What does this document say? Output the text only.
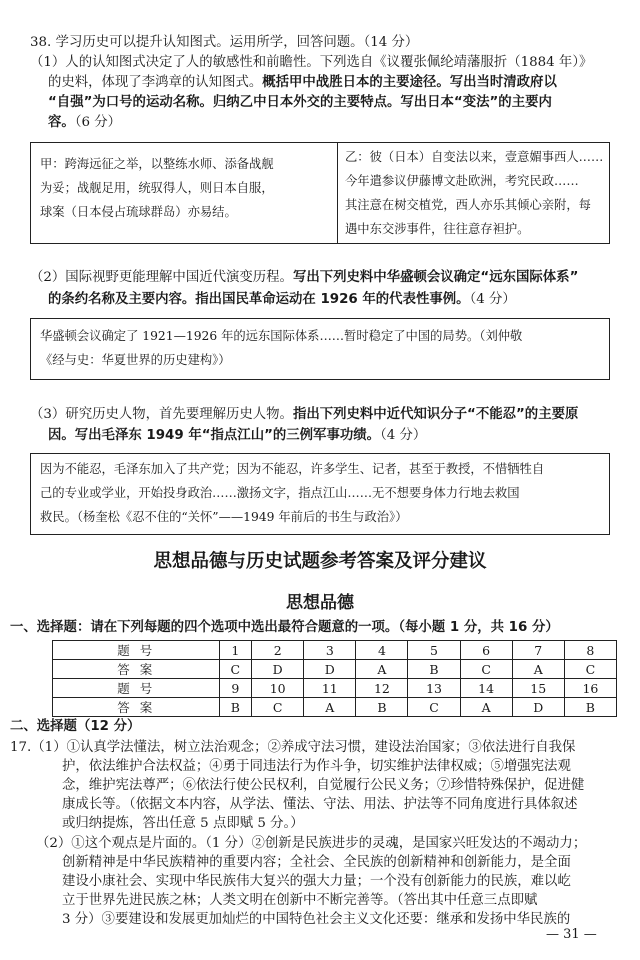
38. 学习历史可以提升认知图式。运用所学，回答问题。（14 分）
（1）人的认知图式决定了人的敏感性和前瞻性。下列选自《议覆张佩纶靖藩服折（1884 年）》
的史料，体现了李鸿章的认知图式。概括甲中战胜日本的主要途径。写出当时清政府以
“自强”为口号的运动名称。归纳乙中日本外交的主要特点。写出日本“变法”的主要内
容。（6 分）
甲：跨海远征之举，以整练水师、添备战舰
为妥；战舰足用，统驭得人，则日本自服，
球案（日本侵占琉球群岛）亦易结。
乙：彼（日本）自变法以来，壹意媚事西人……
今年遣参议伊藤博文赴欧洲，考究民政……
其注意在树交植党，西人亦乐其倾心亲附，每
遇中东交涉事件，往往意存袒护。
（2）国际视野更能理解中国近代演变历程。写出下列史料中华盛顿会议确定“远东国际体系”
的条约名称及主要内容。指出国民革命运动在 1926 年的代表性事例。（4 分）
华盛顿会议确定了 1921—1926 年的远东国际体系……暂时稳定了中国的局势。（刘仲敬
《经与史：华夏世界的历史建构》）
（3）研究历史人物，首先要理解历史人物。指出下列史料中近代知识分子“不能忍”的主要原
因。写出毛泽东 1949 年“指点江山”的三例军事功绩。（4 分）
因为不能忍，毛泽东加入了共产党；因为不能忍，许多学生、记者，甚至于教授，不惜牺牲自
己的专业或学业，开始投身政治……激扬文字，指点江山……无不想要身体力行地去救国
救民。（杨奎松《忍不住的“关怀”——1949 年前后的书生与政治》）
思想品德与历史试题参考答案及评分建议
思想品德
一、选择题：请在下列每题的四个选项中选出最符合题意的一项。（每小题 1 分，共 16 分）
题号	1	2	3	4	5	6	7	8
答案	C	D	D	A	B	C	A	C
题号	9	10	11	12	13	14	15	16
答案	B	C	A	B	C	A	D	B
二、选择题（12 分）
17.（1）①认真学法懂法，树立法治观念；②养成守法习惯，建设法治国家；③依法进行自我保
护，依法维护合法权益；④勇于同违法行为作斗争，切实维护法律权威；⑤增强宪法观
念，维护宪法尊严；⑥依法行使公民权利，自觉履行公民义务；⑦珍惜特殊保护，促进健
康成长等。（依据文本内容，从学法、懂法、守法、用法、护法等不同角度进行具体叙述
或归纳提炼，答出任意 5 点即赋 5 分。）
（2）①这个观点是片面的。（1 分）②创新是民族进步的灵魂，是国家兴旺发达的不竭动力；
创新精神是中华民族精神的重要内容；全社会、全民族的创新精神和创新能力，是全面
建设小康社会、实现中华民族伟大复兴的强大力量；一个没有创新能力的民族，难以屹
立于世界先进民族之林；人类文明在创新中不断完善等。（答出其中任意三点即赋
3 分）③要建设和发展更加灿烂的中国特色社会主义文化还要：继承和发扬中华民族的
— 31 —
